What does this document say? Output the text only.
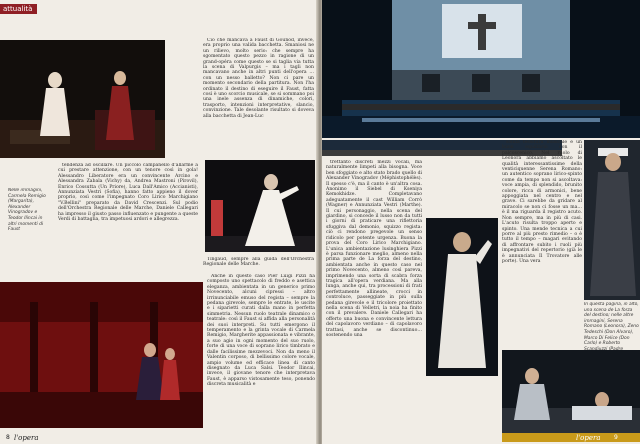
attualità

Ciò che mancava a Faust di Gounod, invece, era proprio una valida bacchetta. Smaniosi ne un rilievo, molto serio: che sempre ha sgomentato questo pezzo in ragione di un grand-opéra come questo se si taglia via tutta la scena di Valpurgis – ma i tagli non mancavano anche in altri punti dell'opera … con un nesso balletto? Non ci pare un momento secondario della partitura. Non l'ha ordinato il destino di eseguire il Faust, fatta così è uno scorcio musicale, se si sommano poi una inele assenza di dinamiche, colori, trasporto, intenzioni interpretative, slancio, convinzione. Tale desolante risultato si doveva alla bacchetta di Jean-Luc

Nelle immagini, Carmela Remigio (Margarita), Alexander Vinogradov e Teodor Ilincai in altri momenti di Faust

tendenza ad oscillare. Un piccolo campanello d'allarme a cui prestare attenzione, con un tenore così in gola! Alessandro Liberatore era un convincente Arcino e Alessandra Zabala (Vichy) da, Andrea Mastroni (Pirovil), Enrico Cossutta (Un Priore), Luca Dall'Amico (Accianisti), Annunziata Vestri (Sofia), hanno fatto appieno il dover proprio, così come l'impegnato Coro Lirico Marchigiano "V.Bellini" preparato da David Crescenzi. Sul podio dell'Orchestra Regionale delle Marche, Daniele Callegari ha impresso il giusto passo influenzato e pungente a queste Verdi di battaglia, tra impetuosi ardori e allegrezza.

Tingaud, sempre alla guida dell'Orchestra Regionale delle Marche.

Anche in questo caso Pier Luigi Pizzi ha composto uno spettacolo di freddo e asettica eleganza, ambientata in un generico primo Novecento, alcuni cipressi – altro irrinunciabile emuso del regista – sempre la pedana girevole, sempre le entrate, le uscite e i siparietti curati dalla mano in perfetta simmetria. Nessun ruolo teatrale dinamico o teatrale: così il Faust si affida alla personalità dei suoi interpreti. Su tutti emergono il temperamento e la grinta vocale di Carmela Remigio, Margherite appassionata e vibrante, a suo agio in ogni momento del suo ruolo, forte di una voce di soprano lirico timbrato e dalle facilissime mezzevoci. Non da meno il Valentin corposo, di bellissimo colore vocale, ampio volume ed efficace linea di canto disegnato da Luca Salsi. Teodor Ilincai, invece, il giovane tenore che interpretava Faust, è apparso vistosamente teso, ponendo discreta musicalità e

8 l'opera

trettanto discreti mezzi vocali, ma naturalmente limpeti alla bisogna. Voce ben sfoggiato e alto stato brado quello di Alexander Vinogradov (Méphistophélès). Il spesso c'è, ma il canto è un'altra cosa. Anonimo il Siebel di Kseniya Kemokhidze. Completavano adeguatamente il cast William Corrò (Wagner) e Annunziata Vestri (Marthe). Il cui personaggio, nella scena del giardino, si concede il lusso non da tutti i giorni di praticare una riflettoria sfuggiva dal demonio, squizzo regista: ciò ci rendono pregevole un senso ridicolo per potente urgenza. Buona la prova del Coro Lirico Marchigiano. L'unica ambientazione lusinghiera Pizzi è parsa funzionare meglio, almeno nella prima parte de La forza del destino, ambientata anche in questo caso nel primo Novecento, almeno così pareva, imprimendo una sorta di scabra forza tragica all'opera verdiana. Ma alla lunga, anche qui, tra processioni di frati perfettamente allineate, crocci in controluce, passeggiate in più sulla pedana girevole e il tricolore proiettato nella scena di Velletri, la noia ha finito con il prevalere. Daniele Callegari ha offerto una buona e convincente lettura del capolavoro verdiano – di capolavoro trattasi, anche se discontinuo… sostenendo una

solida tessitura musicale e un buon equilibrio con il palcoscenico. Nel ruolo di Leonora abbiamo ascoltato le qualità interessantissime della venticiquenne Serena Romano: un autentico soprano lirico-spinto come da tempo non si ascoltava: voce ampia, di splendido, brunito colore, ricca di armonici, bene appoggiata nel centro e nel grave. Ci sarebbe da gridare al miracolo se non ci fosse un ma… è il ma riguarda il registro acuto. Non sempre, ma in più di casi. L'acuto risulta troppo aperto e spinto. Una mende tecnica a cui porre al più presto rimedio – o è tutto il tempo – magari evitando di affrontare subito i ruoli più impegnativi del repertorio (già le è annunciata Il Trovatore alle porte). Una vera

In questa pagina, in alto, una scena de La forza del destino; nelle altre immagini, Serena Romano (Leonora), Zeno Tedeschi (Don Alvaro), Marco Di Felice (Don Carlo) e Roberto
9
l'opera
